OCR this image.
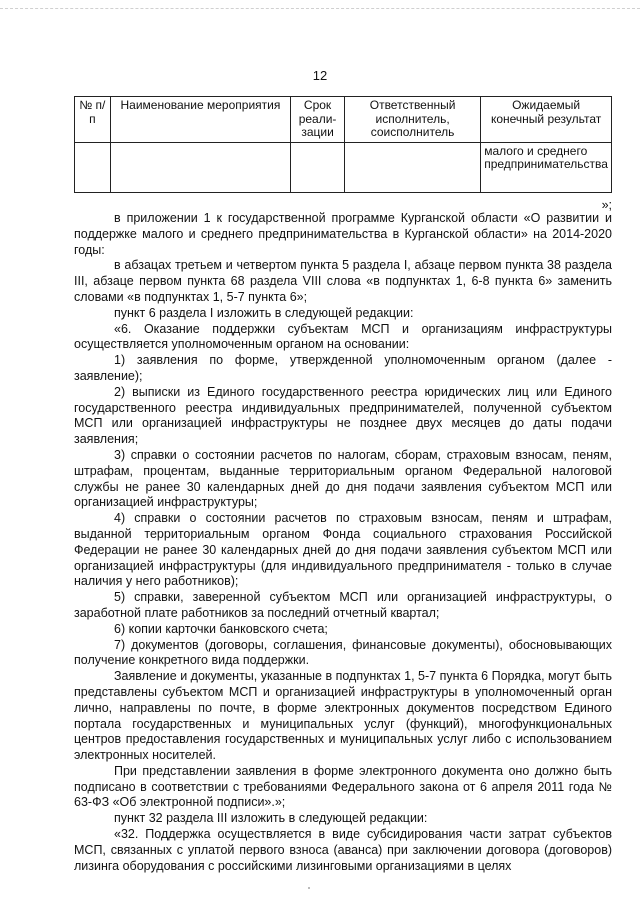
12
№ п/п	Наименование мероприятия	Срок реали-зации	Ответственный исполнитель, соисполнитель	Ожидаемый конечный результат
				малого и среднего предпринимательства
»;

в приложении 1 к государственной программе Курганской области «О развитии и поддержке малого и среднего предпринимательства в Курганской области» на 2014-2020 годы:

в абзацах третьем и четвертом пункта 5 раздела I, абзаце первом пункта 38 раздела III, абзаце первом пункта 68 раздела VIII слова «в подпунктах 1, 6-8 пункта 6» заменить словами «в подпунктах 1, 5-7 пункта 6»;

пункт 6 раздела I изложить в следующей редакции:

«6. Оказание поддержки субъектам МСП и организациям инфраструктуры осуществляется уполномоченным органом на основании:

1) заявления по форме, утвержденной уполномоченным органом (далее - заявление);

2) выписки из Единого государственного реестра юридических лиц или Единого государственного реестра индивидуальных предпринимателей, полученной субъектом МСП или организацией инфраструктуры не позднее двух месяцев до даты подачи заявления;

3) справки о состоянии расчетов по налогам, сборам, страховым взносам, пеням, штрафам, процентам, выданные территориальным органом Федеральной налоговой службы не ранее 30 календарных дней до дня подачи заявления субъектом МСП или организацией инфраструктуры;

4) справки о состоянии расчетов по страховым взносам, пеням и штрафам, выданной территориальным органом Фонда социального страхования Российской Федерации не ранее 30 календарных дней до дня подачи заявления субъектом МСП или организацией инфраструктуры (для индивидуального предпринимателя - только в случае наличия у него работников);

5) справки, заверенной субъектом МСП или организацией инфраструктуры, о заработной плате работников за последний отчетный квартал;

6) копии карточки банковского счета;

7) документов (договоры, соглашения, финансовые документы), обосновывающих получение конкретного вида поддержки.

Заявление и документы, указанные в подпунктах 1, 5-7 пункта 6 Порядка, могут быть представлены субъектом МСП и организацией инфраструктуры в уполномоченный орган лично, направлены по почте, в форме электронных документов посредством Единого портала государственных и муниципальных услуг (функций), многофункциональных центров предоставления государственных и муниципальных услуг либо с использованием электронных носителей.

При представлении заявления в форме электронного документа оно должно быть подписано в соответствии с требованиями Федерального закона от 6 апреля 2011 года № 63-ФЗ «Об электронной подписи».»;

пункт 32 раздела III изложить в следующей редакции:

«32. Поддержка осуществляется в виде субсидирования части затрат субъектов МСП, связанных с уплатой первого взноса (аванса) при заключении договора (договоров) лизинга оборудования с российскими лизинговыми организациями в целях
